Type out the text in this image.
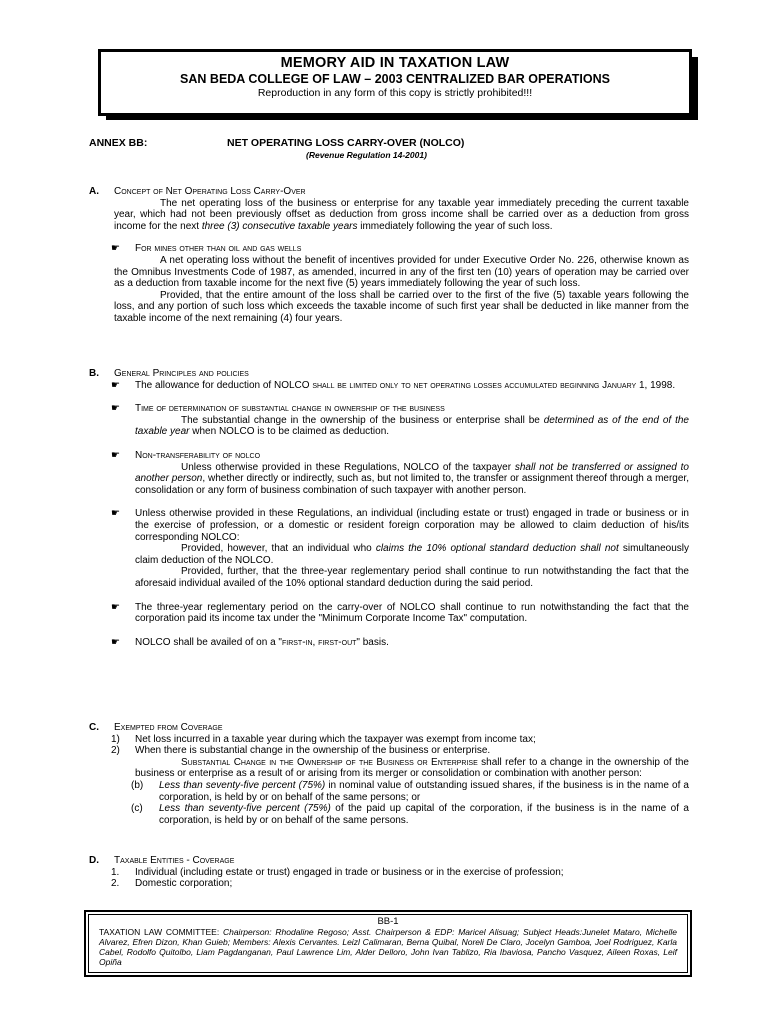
MEMORY AID IN TAXATION LAW
SAN BEDA COLLEGE OF LAW – 2003 CENTRALIZED BAR OPERATIONS
Reproduction in any form of this copy is strictly prohibited!!!
ANNEX BB:	NET OPERATING LOSS CARRY-OVER (NOLCO)
(Revenue Regulation 14-2001)

A. Concept of Net Operating Loss Carry-Over

The net operating loss of the business or enterprise for any taxable year immediately preceding the current taxable year, which had not been previously offset as deduction from gross income shall be carried over as a deduction from gross income for the next three (3) consecutive taxable years immediately following the year of such loss.

☛ For mines other than oil and gas wells

A net operating loss without the benefit of incentives provided for under Executive Order No. 226, otherwise known as the Omnibus Investments Code of 1987, as amended, incurred in any of the first ten (10) years of operation may be carried over as a deduction from taxable income for the next five (5) years immediately following the year of such loss.

Provided, that the entire amount of the loss shall be carried over to the first of the five (5) taxable years following the loss, and any portion of such loss which exceeds the taxable income of such first year shall be deducted in like manner from the taxable income of the next remaining (4) four years.

B. General Principles and policies

☛ The allowance for deduction of NOLCO shall be limited only to net operating losses accumulated beginning January 1, 1998.

☛ Time of determination of substantial change in ownership of the business

The substantial change in the ownership of the business or enterprise shall be determined as of the end of the taxable year when NOLCO is to be claimed as deduction.

☛ Non-transferability of nolco

Unless otherwise provided in these Regulations, NOLCO of the taxpayer shall not be transferred or assigned to another person, whether directly or indirectly, such as, but not limited to, the transfer or assignment thereof through a merger, consolidation or any form of business combination of such taxpayer with another person.

☛ Unless otherwise provided in these Regulations, an individual (including estate or trust) engaged in trade or business or in the exercise of profession, or a domestic or resident foreign corporation may be allowed to claim deduction of his/its corresponding NOLCO:

Provided, however, that an individual who claims the 10% optional standard deduction shall not simultaneously claim deduction of the NOLCO.

Provided, further, that the three-year reglementary period shall continue to run notwithstanding the fact that the aforesaid individual availed of the 10% optional standard deduction during the said period.

☛ The three-year reglementary period on the carry-over of NOLCO shall continue to run notwithstanding the fact that the corporation paid its income tax under the "Minimum Corporate Income Tax" computation.

☛ NOLCO shall be availed of on a "first-in, first-out" basis.

C. Exempted from Coverage

1) Net loss incurred in a taxable year during which the taxpayer was exempt from income tax;

2) When there is substantial change in the ownership of the business or enterprise.

Substantial Change in the Ownership of the Business or Enterprise shall refer to a change in the ownership of the business or enterprise as a result of or arising from its merger or consolidation or combination with another person:

(b) Less than seventy-five percent (75%) in nominal value of outstanding issued shares, if the business is in the name of a corporation, is held by or on behalf of the same persons; or

(c) Less than seventy-five percent (75%) of the paid up capital of the corporation, if the business is in the name of a corporation, is held by or on behalf of the same persons.

D. Taxable Entities - Coverage

1. Individual (including estate or trust) engaged in trade or business or in the exercise of profession;

2. Domestic corporation;

BB-1
TAXATION LAW COMMITTEE: Chairperson: Rhodaline Regoso; Asst. Chairperson & EDP: Maricel Alisuag; Subject Heads:Junelet Mataro, Michelle Alvarez, Efren Dizon, Khan Guieb; Members: Alexis Cervantes. Leizl Calimaran, Berna Quibal, Noreli De Claro, Jocelyn Gamboa, Joel Rodriguez, Karla Cabel, Rodolfo Quitolbo, Liam Pagdanganan, Paul Lawrence Lim, Alder Delloro, John Ivan Tablizo, Ria Ibaviosa, Pancho Vasquez, Aileen Roxas, Leif Opiña
